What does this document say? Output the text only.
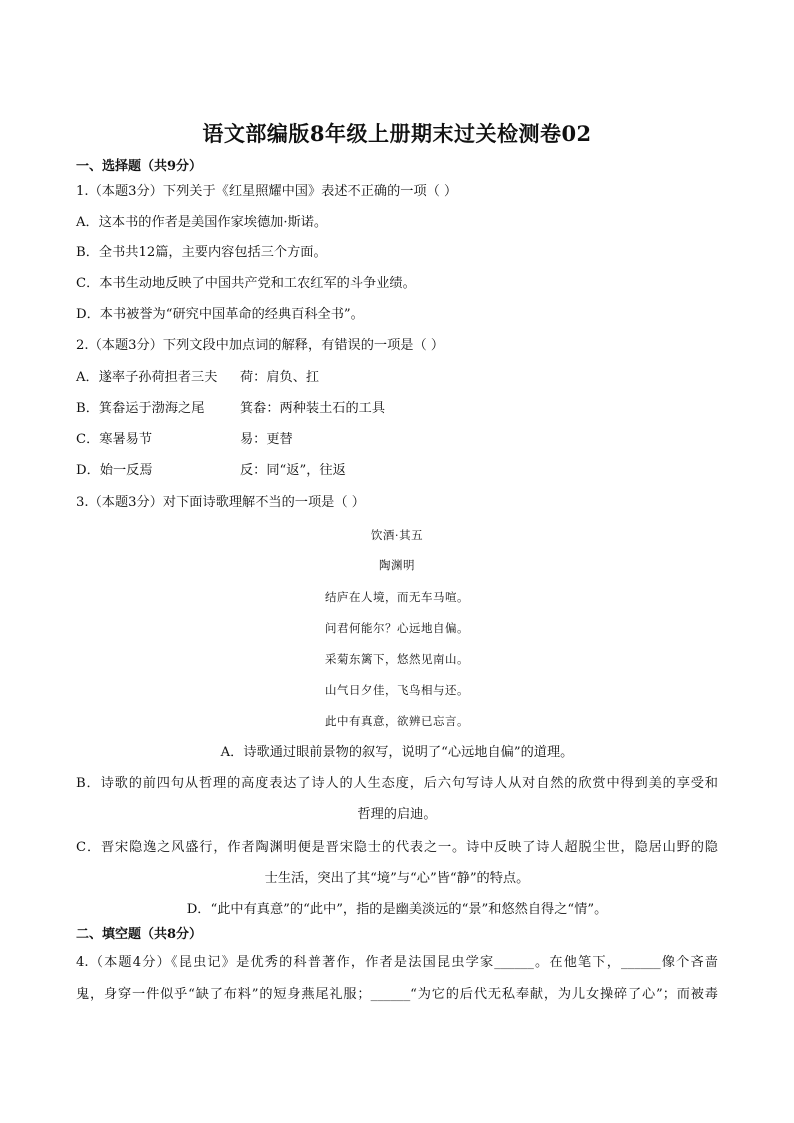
语文部编版8年级上册期末过关检测卷02
一、选择题（共9分）
1.（本题3分）下列关于《红星照耀中国》表述不正确的一项（ ）
A．这本书的作者是美国作家埃德加·斯诺。
B．全书共12篇，主要内容包括三个方面。
C．本书生动地反映了中国共产党和工农红军的斗争业绩。
D．本书被誉为“研究中国革命的经典百科全书”。
2.（本题3分）下列文段中加点词的解释，有错误的一项是（ ）
A．遂率子孙荷担者三夫 荷：肩负、扛
B．箕畚运于渤海之尾	箕畚：两种装土石的工具
C．寒暑易节	易：更替
D．始一反焉	反：同“返”，往返
3.（本题3分）对下面诗歌理解不当的一项是（ ）
饮酒·其五
陶渊明
结庐在人境，而无车马喧。
问君何能尔？心远地自偏。
采菊东篱下，悠然见南山。
山气日夕佳，飞鸟相与还。
此中有真意，欲辨已忘言。
A．诗歌通过眼前景物的叙写，说明了“心远地自偏”的道理。
B．诗歌的前四句从哲理的高度表达了诗人的人生态度，后六句写诗人从对自然的欣赏中得到美的享受和
哲理的启迪。
C．晋宋隐逸之风盛行，作者陶渊明便是晋宋隐士的代表之一。诗中反映了诗人超脱尘世，隐居山野的隐
士生活，突出了其“境”与“心”皆“静”的特点。
D．“此中有真意”的“此中”，指的是幽美淡远的“景”和悠然自得之“情”。
二、填空题（共8分）
4.（本题4分）《昆虫记》是优秀的科普著作，作者是法国昆虫学家______。在他笔下，______像个吝啬
鬼，身穿一件似乎“缺了布料”的短身燕尾礼服；______“为它的后代无私奉献，为儿女操碎了心”；而被毒
